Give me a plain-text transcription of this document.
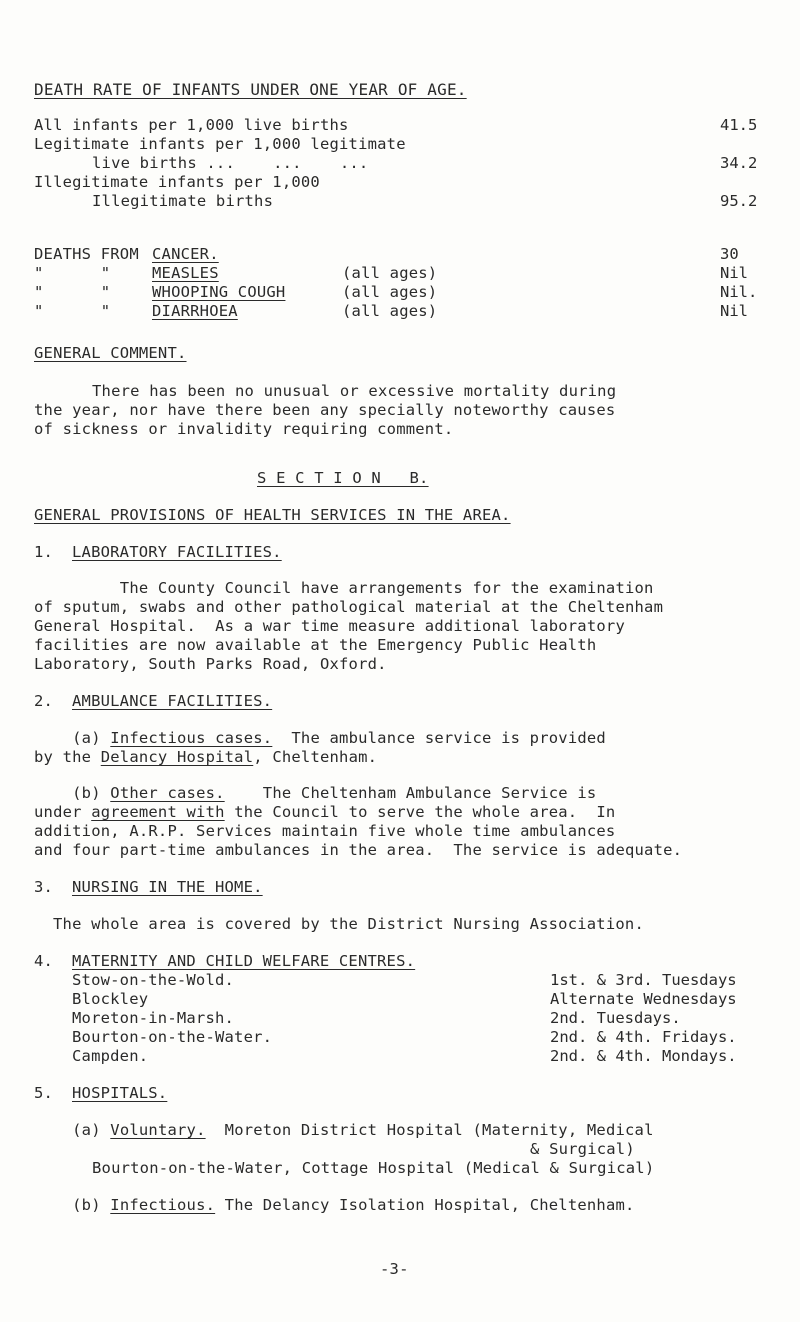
DEATH RATE OF INFANTS UNDER ONE YEAR OF AGE.
All infants per 1,000 live births	41.5
Legitimate infants per 1,000 legitimate
live births ...    ...    ...	34.2
Illegitimate infants per 1,000
Illegitimate births	95.2
DEATHS FROM CANCER.	30
"      "	MEASLES	(all ages)	Nil
"      "	WHOOPING COUGH	(all ages)	Nil.
"      "	DIARRHOEA	(all ages)	Nil
GENERAL COMMENT.
There has been no unusual or excessive mortality during
the year, nor have there been any specially noteworthy causes
of sickness or invalidity requiring comment.
S E C T I O N   B.
GENERAL PROVISIONS OF HEALTH SERVICES IN THE AREA.
1. LABORATORY FACILITIES.
The County Council have arrangements for the examination
of sputum, swabs and other pathological material at the Cheltenham
General Hospital.  As a war time measure additional laboratory
facilities are now available at the Emergency Public Health
Laboratory, South Parks Road, Oxford.
2. AMBULANCE FACILITIES.
(a) Infectious cases.  The ambulance service is provided
by the Delancy Hospital, Cheltenham.
(b) Other cases.    The Cheltenham Ambulance Service is
under agreement with the Council to serve the whole area.  In
addition, A.R.P. Services maintain five whole time ambulances
and four part-time ambulances in the area.  The service is adequate.
3. NURSING IN THE HOME.
The whole area is covered by the District Nursing Association.
4. MATERNITY AND CHILD WELFARE CENTRES.
Stow-on-the-Wold.	1st. & 3rd. Tuesdays
Blockley	Alternate Wednesdays
Moreton-in-Marsh.	2nd. Tuesdays.
Bourton-on-the-Water.	2nd. & 4th. Fridays.
Campden.	2nd. & 4th. Mondays.
5. HOSPITALS.
(a) Voluntary.  Moreton District Hospital (Maternity, Medical
& Surgical)
Bourton-on-the-Water, Cottage Hospital (Medical & Surgical)
(b) Infectious. The Delancy Isolation Hospital, Cheltenham.
-3-
